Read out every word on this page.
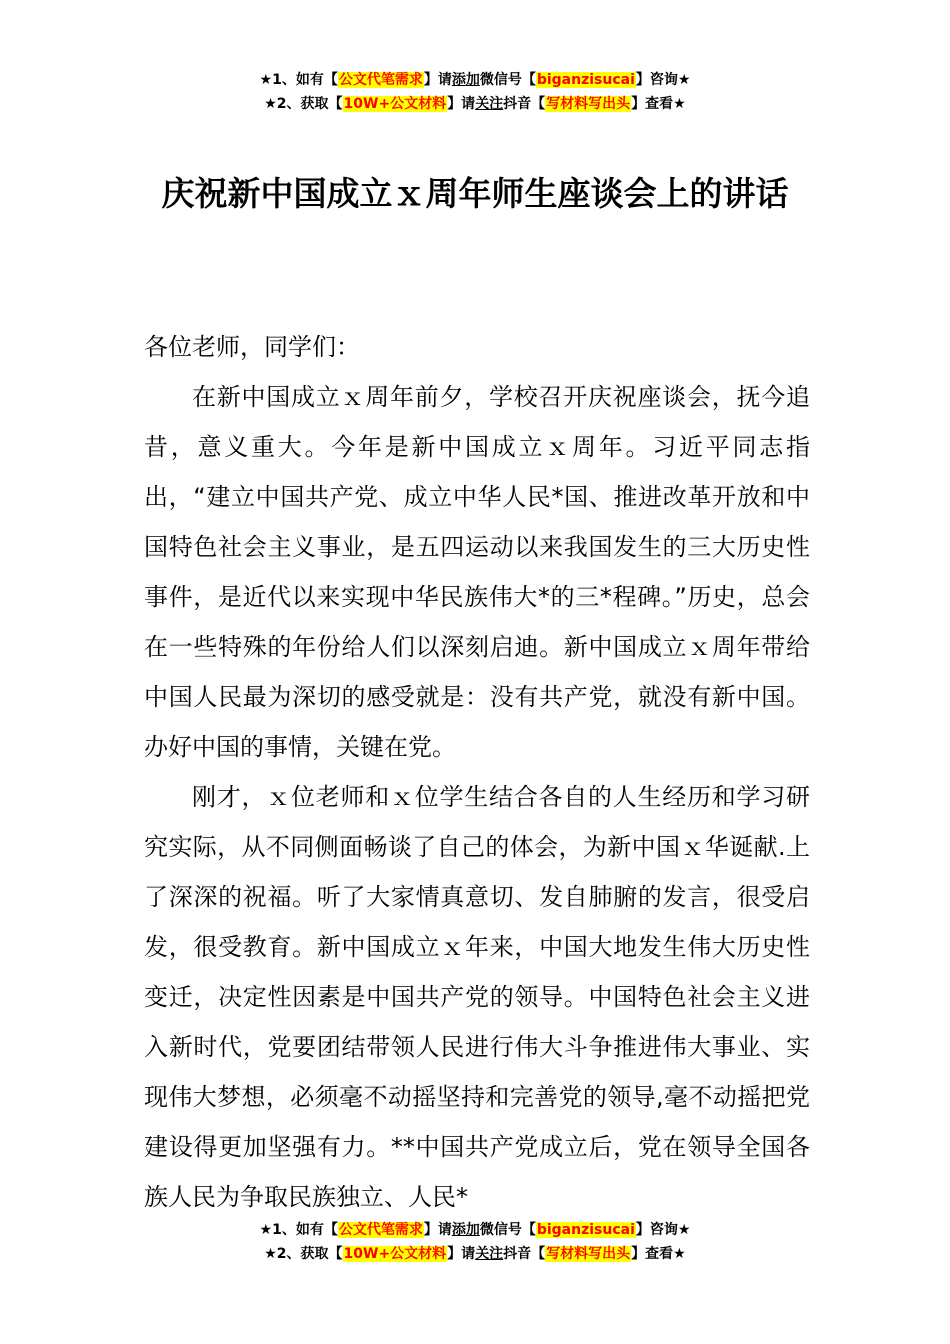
★1、如有【公文代笔需求】请添加微信号【biganzisucai】咨询★
★2、获取【10W+公文材料】请关注抖音【写材料写出头】查看★
庆祝新中国成立ｘ周年师生座谈会上的讲话

各位老师，同学们：

在新中国成立ｘ周年前夕，学校召开庆祝座谈会，抚今追昔，意义重大。今年是新中国成立ｘ周年。习近平同志指出，“建立中国共产党、成立中华人民*国、推进改革开放和中国特色社会主义事业，是五四运动以来我国发生的三大历史性事件，是近代以来实现中华民族伟大*的三*程碑。”历史，总会在一些特殊的年份给人们以深刻启迪。新中国成立ｘ周年带给中国人民最为深切的感受就是：没有共产党，就没有新中国。办好中国的事情，关键在党。

刚才，ｘ位老师和ｘ位学生结合各自的人生经历和学习研究实际，从不同侧面畅谈了自己的体会，为新中国ｘ华诞献.上了深深的祝福。听了大家情真意切、发自肺腑的发言，很受启发，很受教育。新中国成立ｘ年来，中国大地发生伟大历史性变迁，决定性因素是中国共产党的领导。中国特色社会主义进入新时代，党要团结带领人民进行伟大斗争推进伟大事业、实现伟大梦想，必须毫不动摇坚持和完善党的领导,毫不动摇把党建设得更加坚强有力。**中国共产党成立后，党在领导全国各族人民为争取民族独立、人民*

★1、如有【公文代笔需求】请添加微信号【biganzisucai】咨询★
★2、获取【10W+公文材料】请关注抖音【写材料写出头】查看★
